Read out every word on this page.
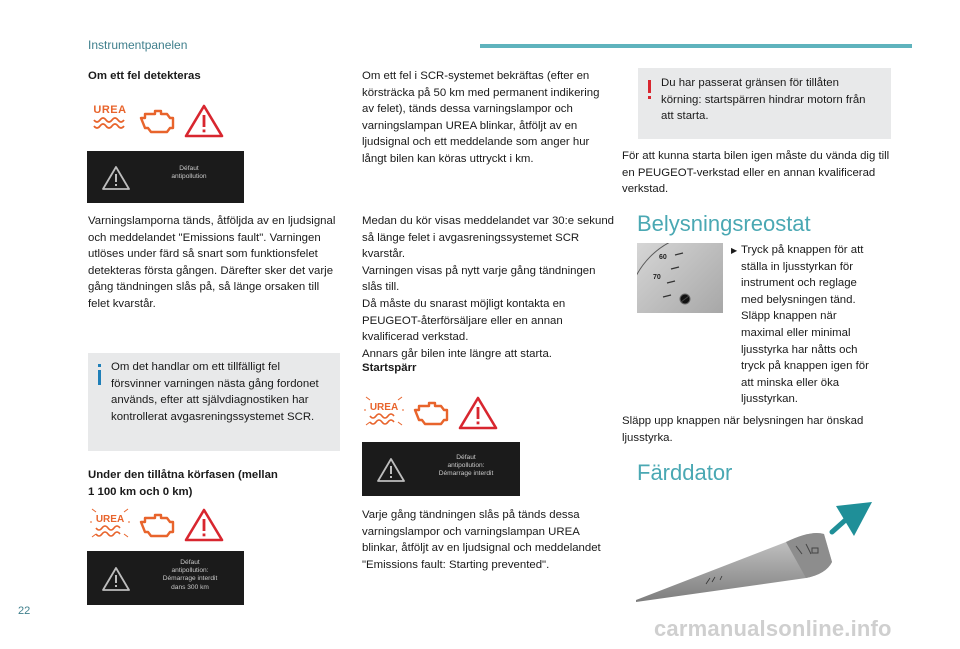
Instrumentpanelen
Om ett fel detekteras
UREA
Défaut
antipollution
Varningslamporna tänds, åtföljda av en ljudsignal och meddelandet "Emissions fault". Varningen utlöses under färd så snart som funktionsfelet detekteras första gången. Därefter sker det varje gång tändningen slås på, så länge orsaken till felet kvarstår.
Om det handlar om ett tillfälligt fel försvinner varningen nästa gång fordonet används, efter att självdiagnostiken har kontrollerat avgasreningssystemet SCR.
Under den tillåtna körfasen (mellan
1 100 km och 0 km)
UREA
Défaut
antipollution:
Démarrage interdit
dans 300 km
Om ett fel i SCR-systemet bekräftas (efter en körsträcka på 50 km med permanent indikering av felet), tänds dessa varningslampor och varningslampan UREA blinkar, åtföljt av en ljudsignal och ett meddelande som anger hur långt bilen kan köras uttryckt i km.
Medan du kör visas meddelandet var 30:e sekund så länge felet i avgasreningssystemet SCR kvarstår.
Varningen visas på nytt varje gång tändningen slås till.
Då måste du snarast möjligt kontakta en PEUGEOT-återförsäljare eller en annan kvalificerad verkstad.
Annars går bilen inte längre att starta.
Startspärr
UREA
Défaut
antipollution:
Démarrage interdit
Varje gång tändningen slås på tänds dessa varningslampor och varningslampan UREA blinkar, åtföljt av en ljudsignal och meddelandet "Emissions fault: Starting prevented".
Du har passerat gränsen för tillåten körning: startspärren hindrar motorn från att starta.
För att kunna starta bilen igen måste du vända dig till en PEUGEOT-verkstad eller en annan kvalificerad verkstad.
Belysningsreostat
60
70
▶ Tryck på knappen för att ställa in ljusstyrkan för instrument och reglage med belysningen tänd. Släpp knappen när maximal eller minimal ljusstyrka har nåtts och tryck på knappen igen för att minska eller öka ljusstyrkan.
Släpp upp knappen när belysningen har önskad ljusstyrka.
Färddator
22
carmanualsonline.info
